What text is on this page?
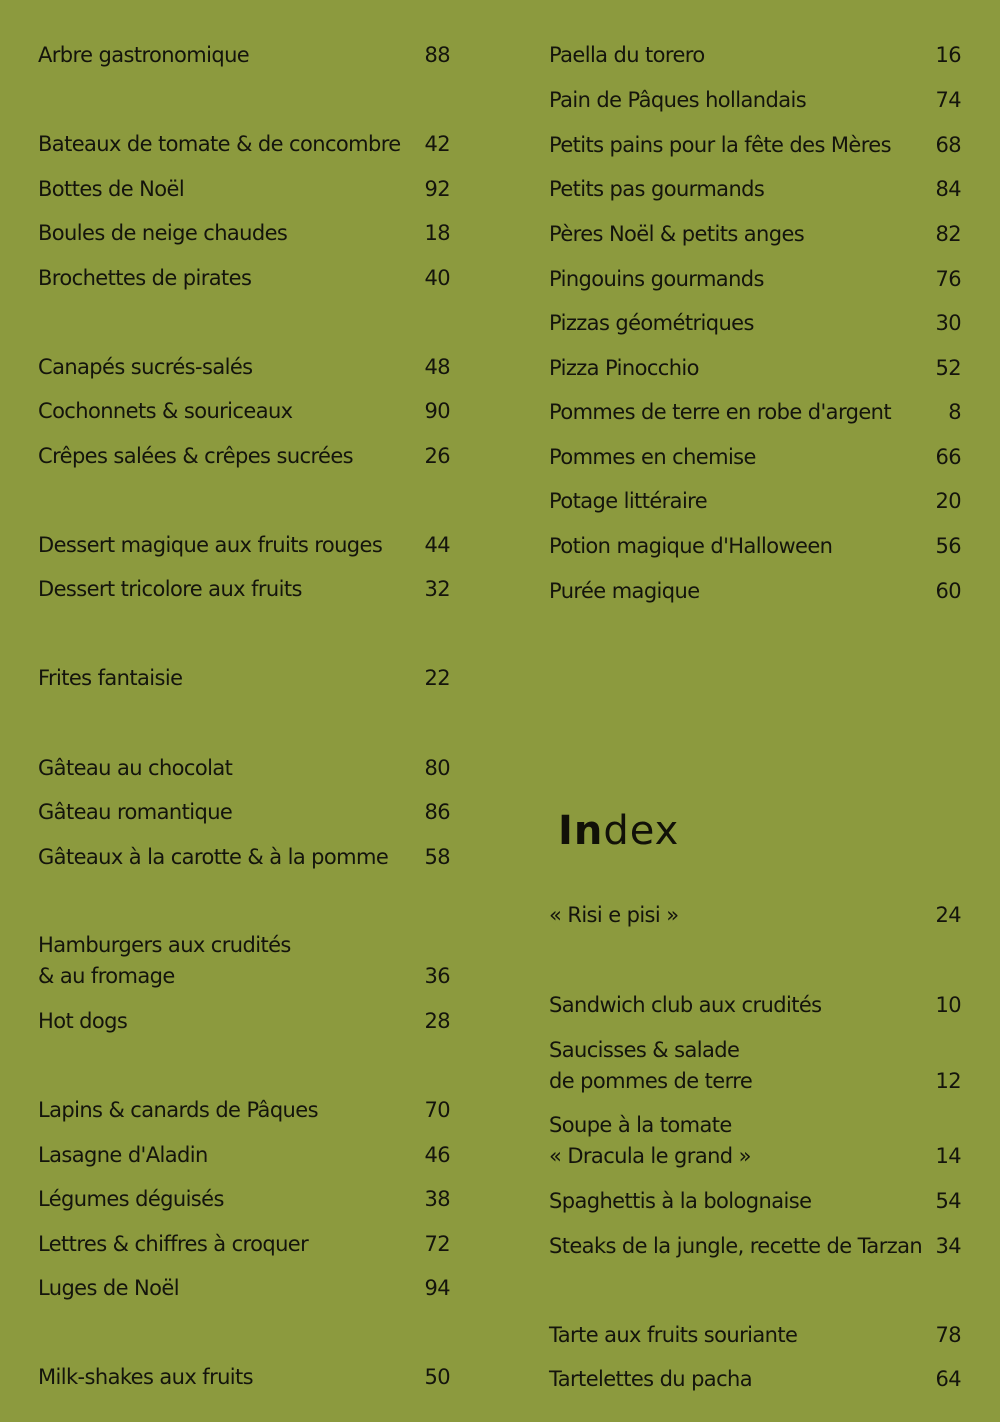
Arbre gastronomique	88
Bateaux de tomate & de concombre 42
Bottes de Noël	92
Boules de neige chaudes	18
Brochettes de pirates	40
Canapés sucrés-salés	48
Cochonnets & souriceaux	90
Crêpes salées & crêpes sucrées	26
Dessert magique aux fruits rouges 44
Dessert tricolore aux fruits	32
Frites fantaisie	22
Gâteau au chocolat	80
Gâteau romantique	86
Gâteaux à la carotte & à la pomme 58
Hamburgers aux crudités
& au fromage	36
Hot dogs	28
Lapins & canards de Pâques	70
Lasagne d'Aladin	46
Légumes déguisés	38
Lettres & chiffres à croquer	72
Luges de Noël	94
Milk-shakes aux fruits	50
Paella du torero	16
Pain de Pâques hollandais	74
Petits pains pour la fête des Mères 68
Petits pas gourmands	84
Pères Noël & petits anges	82
Pingouins gourmands	76
Pizzas géométriques	30
Pizza Pinocchio	52
Pommes de terre en robe d'argent	8
Pommes en chemise	66
Potage littéraire	20
Potion magique d'Halloween	56
Purée magique	60
« Risi e pisi »	24
Sandwich club aux crudités	10
Saucisses & salade
de pommes de terre	12
Soupe à la tomate
« Dracula le grand »	14
Spaghettis à la bolognaise	54
Steaks de la jungle, recette de Tarzan 34
Tarte aux fruits souriante	78
Tartelettes du pacha	64
Index
